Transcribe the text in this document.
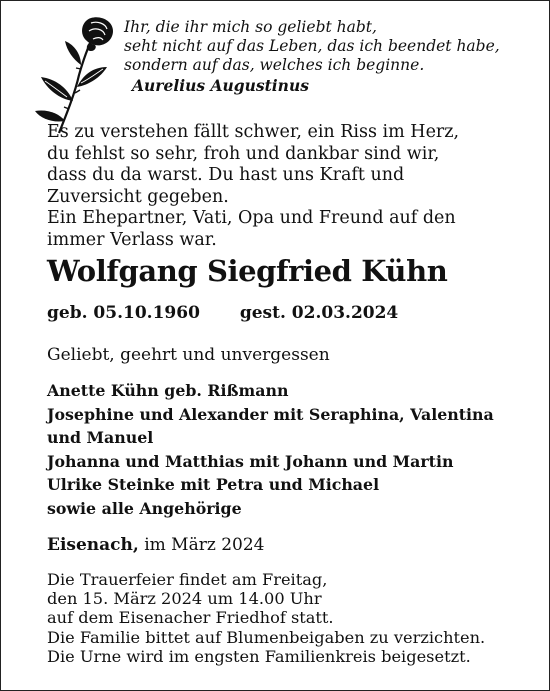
Ihr, die ihr mich so geliebt habt,
seht nicht auf das Leben, das ich beendet habe,
sondern auf das, welches ich beginne.
Aurelius Augustinus
Es zu verstehen fällt schwer, ein Riss im Herz,
du fehlst so sehr, froh und dankbar sind wir,
dass du da warst. Du hast uns Kraft und
Zuversicht gegeben.
Ein Ehepartner, Vati, Opa und Freund auf den
immer Verlass war.
Wolfgang Siegfried Kühn
geb. 05.10.1960 gest. 02.03.2024
Geliebt, geehrt und unvergessen
Anette Kühn geb. Rißmann
Josephine und Alexander mit Seraphina, Valentina
und Manuel
Johanna und Matthias mit Johann und Martin
Ulrike Steinke mit Petra und Michael
sowie alle Angehörige
Eisenach, im März 2024
Die Trauerfeier findet am Freitag,
den 15. März 2024 um 14.00 Uhr
auf dem Eisenacher Friedhof statt.
Die Familie bittet auf Blumenbeigaben zu verzichten.
Die Urne wird im engsten Familienkreis beigesetzt.
